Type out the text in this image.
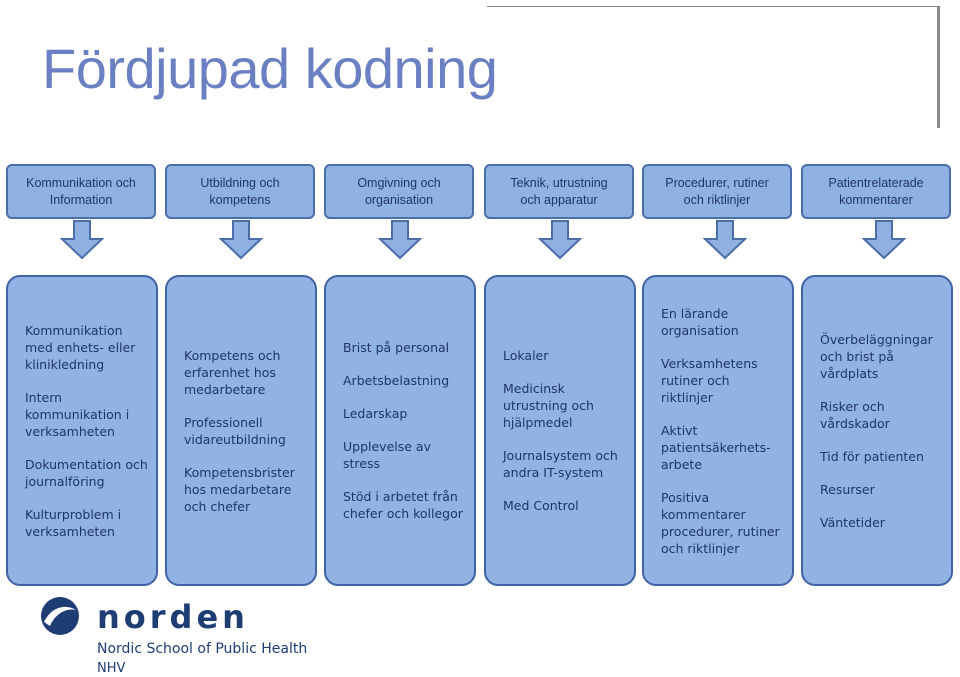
Fördjupad kodning
Kommunikation och
Information
Kommunikation
med enhets- eller
klinikledning
Intern
kommunikation i
verksamheten
Dokumentation och
journalföring
Kulturproblem i
verksamheten
Utbildning och
kompetens
Kompetens och
erfarenhet hos
medarbetare
Professionell
vidareutbildning
Kompetensbrister
hos medarbetare
och chefer
Omgivning och
organisation
Brist på personal
Arbetsbelastning
Ledarskap
Upplevelse av
stress
Stöd i arbetet från
chefer och kollegor
Teknik, utrustning
och apparatur
Lokaler
Medicinsk
utrustning och
hjälpmedel
Journalsystem och
andra IT-system
Med Control
Procedurer, rutiner
och riktlinjer
En lärande
organisation
Verksamhetens
rutiner och
riktlinjer
Aktivt
patientsäkerhets-
arbete
Positiva
kommentarer
procedurer, rutiner
och riktlinjer
Patientrelaterade
kommentarer
Överbeläggningar
och brist på
vårdplats
Risker och
vårdskador
Tid för patienten
Resurser
Väntetider
norden
Nordic School of Public Health
NHV
